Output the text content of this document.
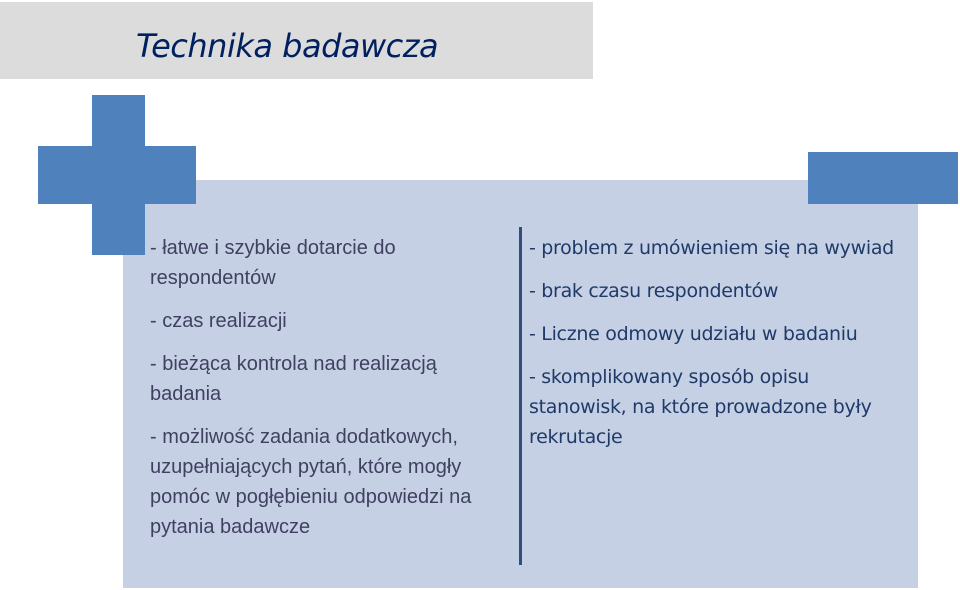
Technika badawcza
- łatwe i szybkie dotarcie do respondentów
- czas realizacji
- bieżąca kontrola nad realizacją badania
- możliwość zadania dodatkowych, uzupełniających pytań, które mogły pomóc w pogłębieniu odpowiedzi na pytania badawcze
- problem z umówieniem się na wywiad
- brak czasu respondentów
- Liczne odmowy udziału w badaniu
- skomplikowany sposób opisu stanowisk, na które prowadzone były rekrutacje
